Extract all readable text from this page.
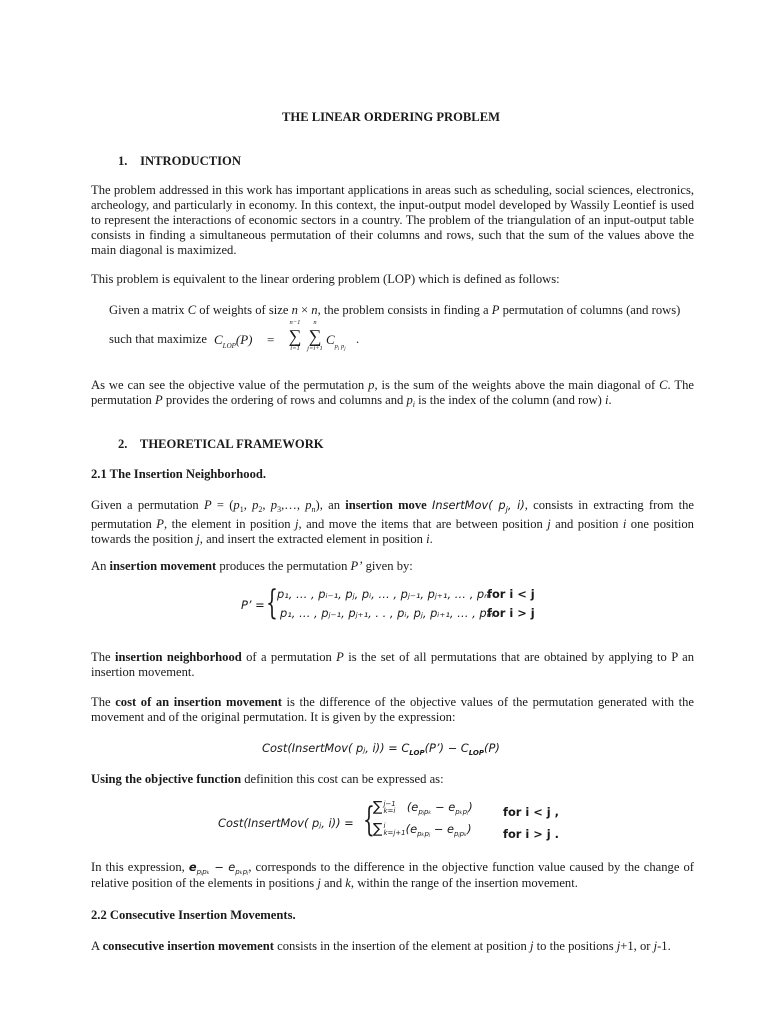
THE LINEAR ORDERING PROBLEM
1. INTRODUCTION
The problem addressed in this work has important applications in areas such as scheduling, social sciences, electronics, archeology, and particularly in economy. In this context, the input-output model developed by Wassily Leontief is used to represent the interactions of economic sectors in a country. The problem of the triangulation of an input-output table consists in finding a simultaneous permutation of their columns and rows, such that the sum of the values above the main diagonal is maximized.
This problem is equivalent to the linear ordering problem (LOP) which is defined as follows:
Given a matrix C of weights of size n × n, the problem consists in finding a P permutation of columns (and rows)
such that maximize $C_{LOP}(P)$ =
n−1
∑
i=1
n
∑
j=i+1
$C_{p_i p_j}$
.
As we can see the objective value of the permutation p, is the sum of the weights above the main diagonal of C. The permutation P provides the ordering of rows and columns and $p_i$ is the index of the column (and row) i.
2. THEORETICAL FRAMEWORK
2.1 The Insertion Neighborhood.
Given a permutation $P = (p_1$, $p_2$, $p_3,\dots$, $p_n$), an insertion move InsertMov( $p_j$, i), consists in extracting from the permutation P, the element in position j, and move the items that are between position j and position i one position towards the position j, and insert the extracted element in position i.
An insertion movement produces the permutation P’ given by:
P’ = { p₁, … , pᵢ₋₁, pⱼ, pᵢ, … , pⱼ₋₁, pⱼ₊₁, … , pₘ
for i < j
p₁, … , pⱼ₋₁, pⱼ₊₁, . . , pᵢ, pⱼ, pᵢ₊₁, … , pₘ
for i > j
The insertion neighborhood of a permutation P is the set of all permutations that are obtained by applying to P an insertion movement.
The cost of an insertion movement is the difference of the objective values of the permutation generated with the movement and of the original permutation. It is given by the expression:
Cost(InsertMov( pⱼ, $i)) = C_{LOP}(P’) - C_{LOP}(P)$
Using the objective function definition this cost can be expressed as:
Cost(InsertMov( pⱼ, i)) = {
∑j−1
k=i $(e_{pⱼp_k} - e_{p_kpⱼ})$	for i < j ,
∑i
$k=j+1(e_{p_kpⱼ} - e_{pⱼp_k})$	for i > j .
In this expression, $e_{pⱼp_k} - e_{p_kpⱼ}$, corresponds to the difference in the objective function value caused by the change of relative position of the elements in positions j and k, within the range of the insertion movement.
2.2 Consecutive Insertion Movements.
A consecutive insertion movement consists in the insertion of the element at position j to the positions j+1, or j-1.
